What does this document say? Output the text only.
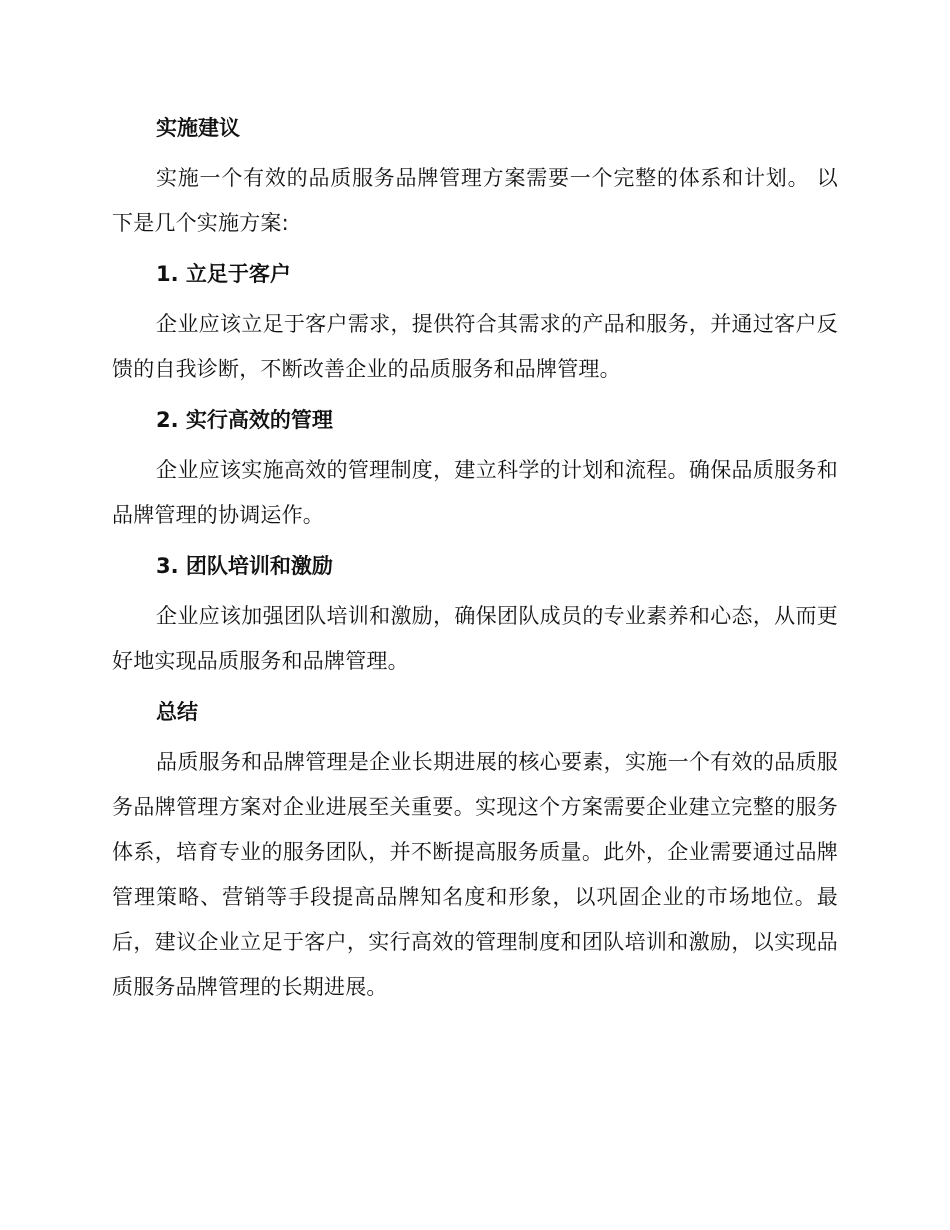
实施建议

实施一个有效的品质服务品牌管理方案需要一个完整的体系和计划。 以下是几个实施方案:

1. 立足于客户

企业应该立足于客户需求，提供符合其需求的产品和服务，并通过客户反馈的自我诊断，不断改善企业的品质服务和品牌管理。

2. 实行高效的管理

企业应该实施高效的管理制度，建立科学的计划和流程。确保品质服务和品牌管理的协调运作。

3. 团队培训和激励

企业应该加强团队培训和激励，确保团队成员的专业素养和心态，从而更好地实现品质服务和品牌管理。

总结

品质服务和品牌管理是企业长期进展的核心要素，实施一个有效的品质服务品牌管理方案对企业进展至关重要。实现这个方案需要企业建立完整的服务体系，培育专业的服务团队，并不断提高服务质量。此外，企业需要通过品牌管理策略、营销等手段提高品牌知名度和形象，以巩固企业的市场地位。最后，建议企业立足于客户，实行高效的管理制度和团队培训和激励，以实现品质服务品牌管理的长期进展。
